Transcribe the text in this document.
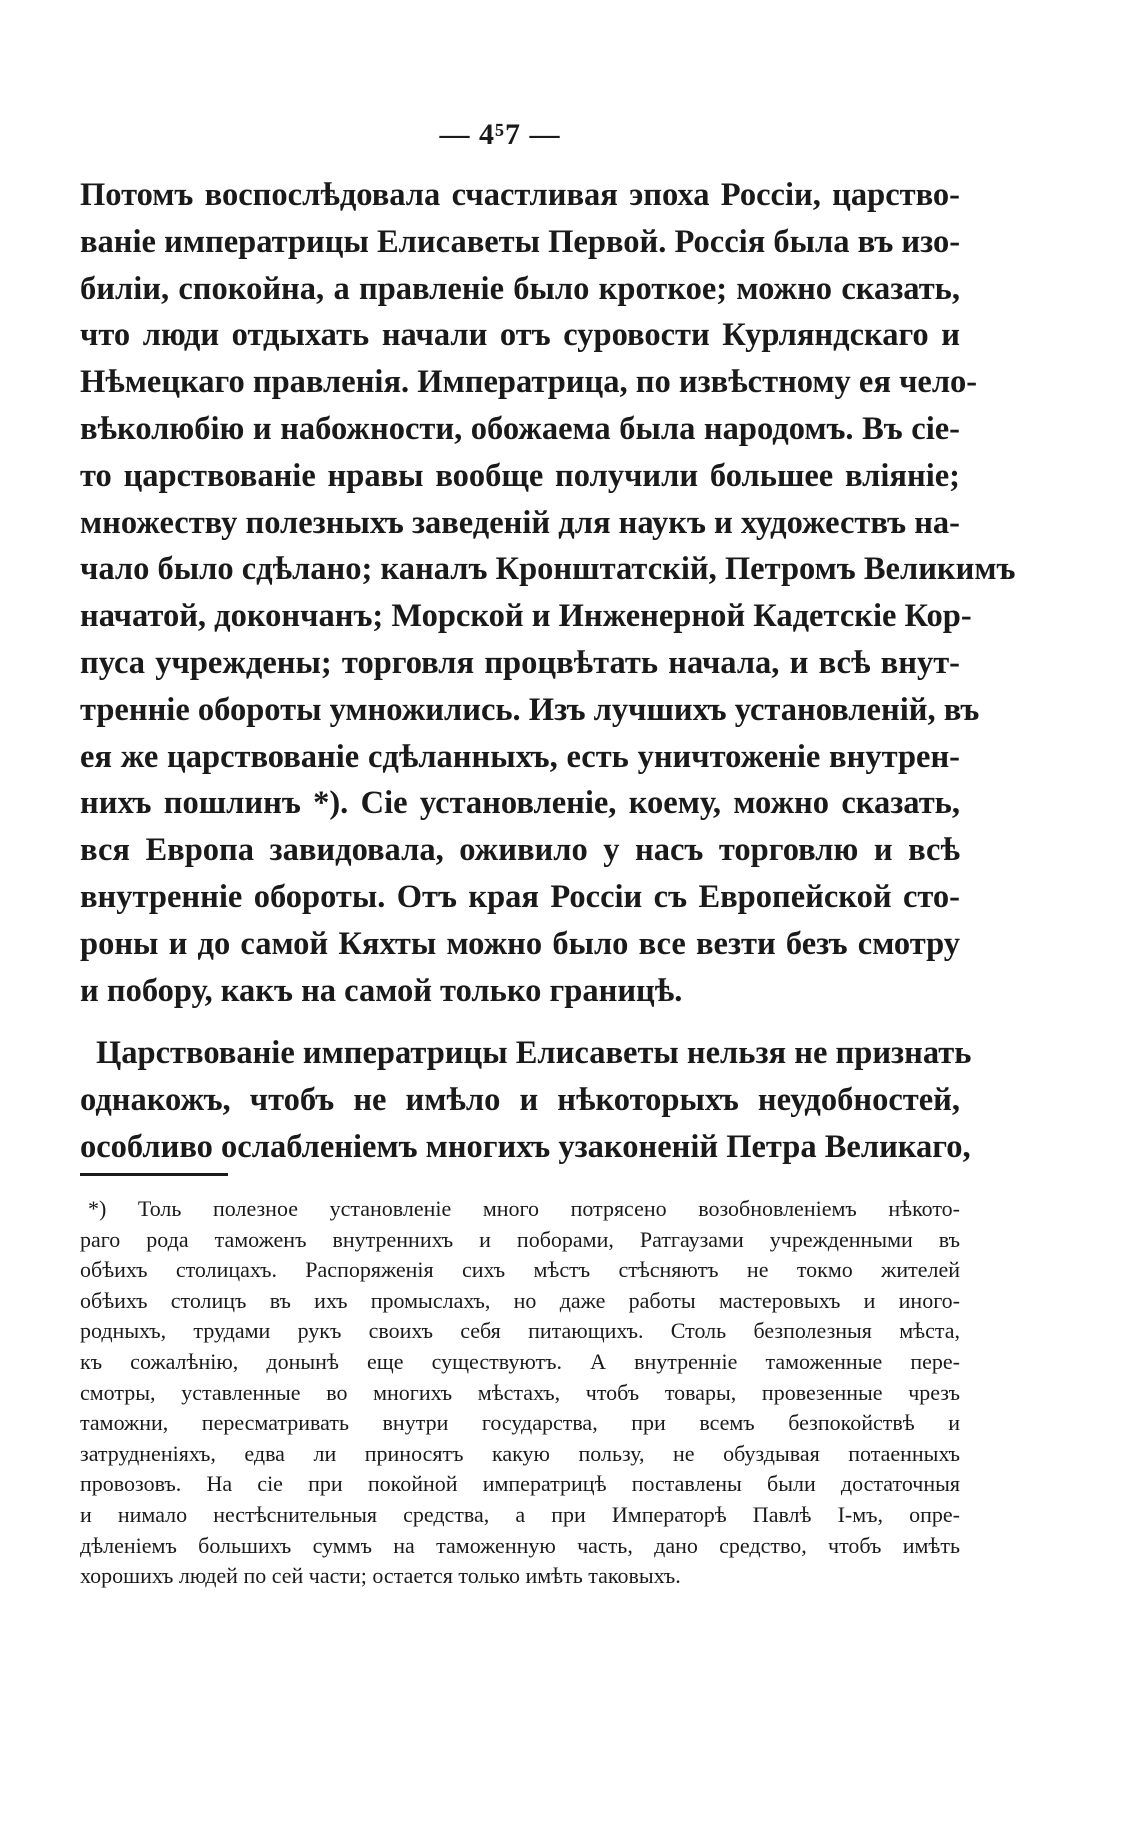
— 4⁵7 —
Потомъ воспослѣдовала счастливая эпоха Россіи, царство-
ваніе императрицы Елисаветы Первой. Россія была въ изо-
биліи, спокойна, а правленіе было кроткое; можно сказать,
что люди отдыхать начали отъ суровости Курляндскаго и
Нѣмецкаго правленія. Императрица, по извѣстному ея чело-
вѣколюбію и набожности, обожаема была народомъ. Въ сіе-
то царствованіе нравы вообще получили большее вліяніе;
множеству полезныхъ заведеній для наукъ и художествъ на-
чало было сдѣлано; каналъ Кронштатскій, Петромъ Великимъ
начатой, докончанъ; Морской и Инженерной Кадетскіе Кор-
пуса учреждены; торговля процвѣтать начала, и всѣ внут-
тренніе обороты умножились. Изъ лучшихъ установленій, въ
ея же царствованіе сдѣланныхъ, есть уничтоженіе внутрен-
нихъ пошлинъ *). Сіе установленіе, коему, можно сказать,
вся Европа завидовала, оживило у насъ торговлю и всѣ
внутренніе обороты. Отъ края Россіи съ Европейской сто-
роны и до самой Кяхты можно было все везти безъ смотру
и побору, какъ на самой только границѣ.
Царствованіе императрицы Елисаветы нельзя не признать
однакожъ, чтобъ не имѣло и нѣкоторыхъ неудобностей,
особливо ослабленіемъ многихъ узаконеній Петра Великаго,
*) Толь полезное установленіе много потрясено возобновленіемъ нѣкото-
раго рода таможенъ внутреннихъ и поборами, Ратгаузами учрежденными въ
обѣихъ столицахъ. Распоряженія сихъ мѣстъ стѣсняютъ не токмо жителей
обѣихъ столицъ въ ихъ промыслахъ, но даже работы мастеровыхъ и иного-
родныхъ, трудами рукъ своихъ себя питающихъ. Столь безполезныя мѣста,
къ сожалѣнію, донынѣ еще существуютъ. А внутренніе таможенные пере-
смотры, уставленные во многихъ мѣстахъ, чтобъ товары, провезенные чрезъ
таможни, пересматривать внутри государства, при всемъ безпокойствѣ и
затрудненіяхъ, едва ли приносятъ какую пользу, не обуздывая потаенныхъ
провозовъ. На сіе при покойной императрицѣ поставлены были достаточныя
и нимало нестѣснительныя средства, а при Императорѣ Павлѣ І-мъ, опре-
дѣленіемъ большихъ суммъ на таможенную часть, дано средство, чтобъ имѣть
хорошихъ людей по сей части; остается только имѣть таковыхъ.
